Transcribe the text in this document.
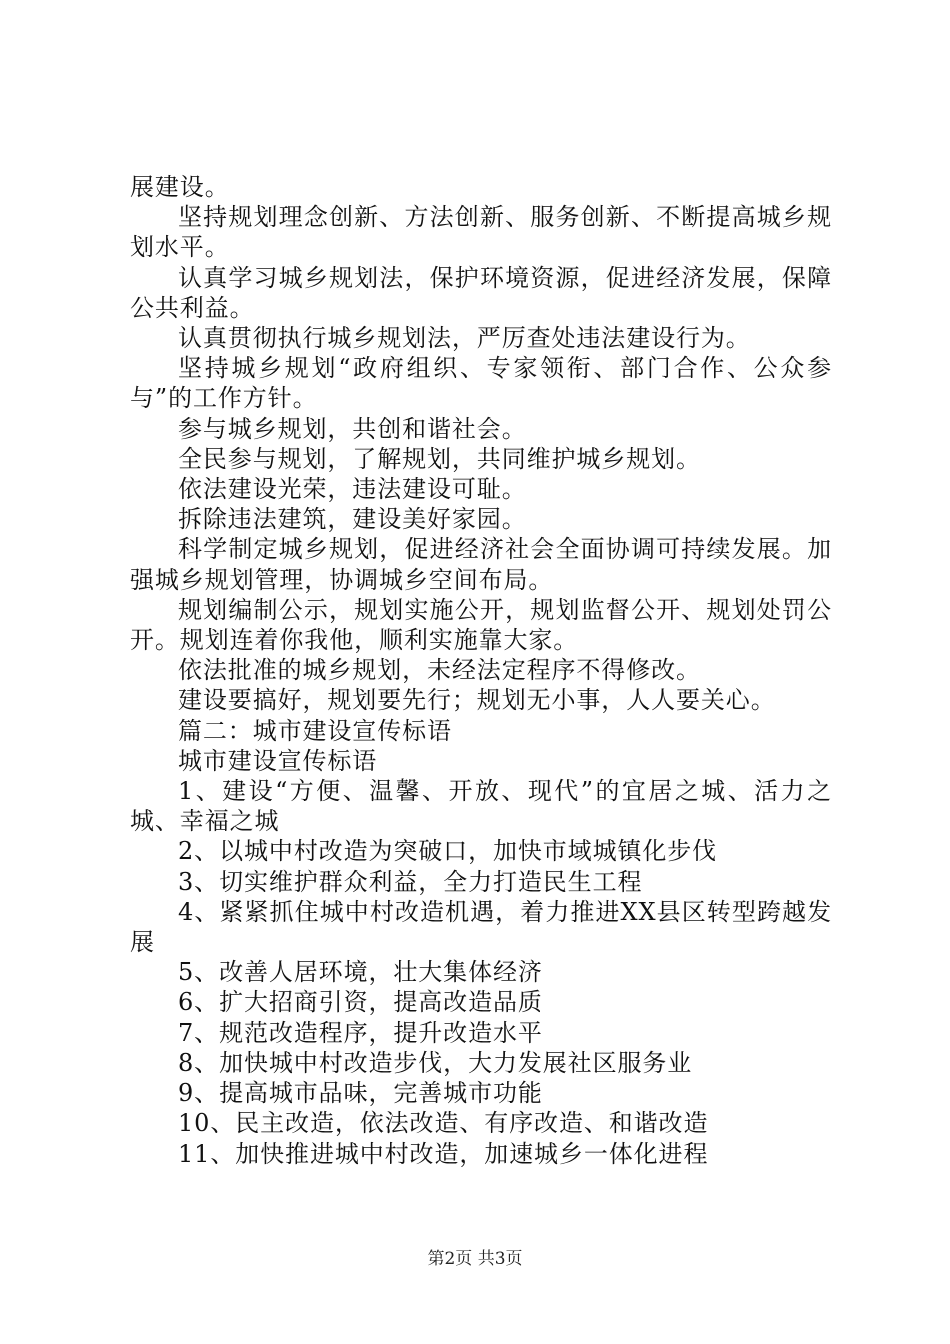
展建设。

坚持规划理念创新、方法创新、服务创新、不断提高城乡规划水平。

认真学习城乡规划法，保护环境资源，促进经济发展，保障公共利益。

认真贯彻执行城乡规划法，严厉查处违法建设行为。

坚持城乡规划“政府组织、专家领衔、部门合作、公众参与”的工作方针。

参与城乡规划，共创和谐社会。

全民参与规划，了解规划，共同维护城乡规划。

依法建设光荣，违法建设可耻。

拆除违法建筑，建设美好家园。

科学制定城乡规划，促进经济社会全面协调可持续发展。加强城乡规划管理，协调城乡空间布局。

规划编制公示，规划实施公开，规划监督公开、规划处罚公开。规划连着你我他，顺利实施靠大家。

依法批准的城乡规划，未经法定程序不得修改。

建设要搞好，规划要先行；规划无小事，人人要关心。

篇二：城市建设宣传标语

城市建设宣传标语

1、建设“方便、温馨、开放、现代”的宜居之城、活力之城、幸福之城

2、以城中村改造为突破口，加快市域城镇化步伐

3、切实维护群众利益，全力打造民生工程

4、紧紧抓住城中村改造机遇，着力推进XX县区转型跨越发展

5、改善人居环境，壮大集体经济

6、扩大招商引资，提高改造品质

7、规范改造程序，提升改造水平

8、加快城中村改造步伐，大力发展社区服务业

9、提高城市品味，完善城市功能

10、民主改造，依法改造、有序改造、和谐改造

11、加快推进城中村改造，加速城乡一体化进程

第2页 共3页
